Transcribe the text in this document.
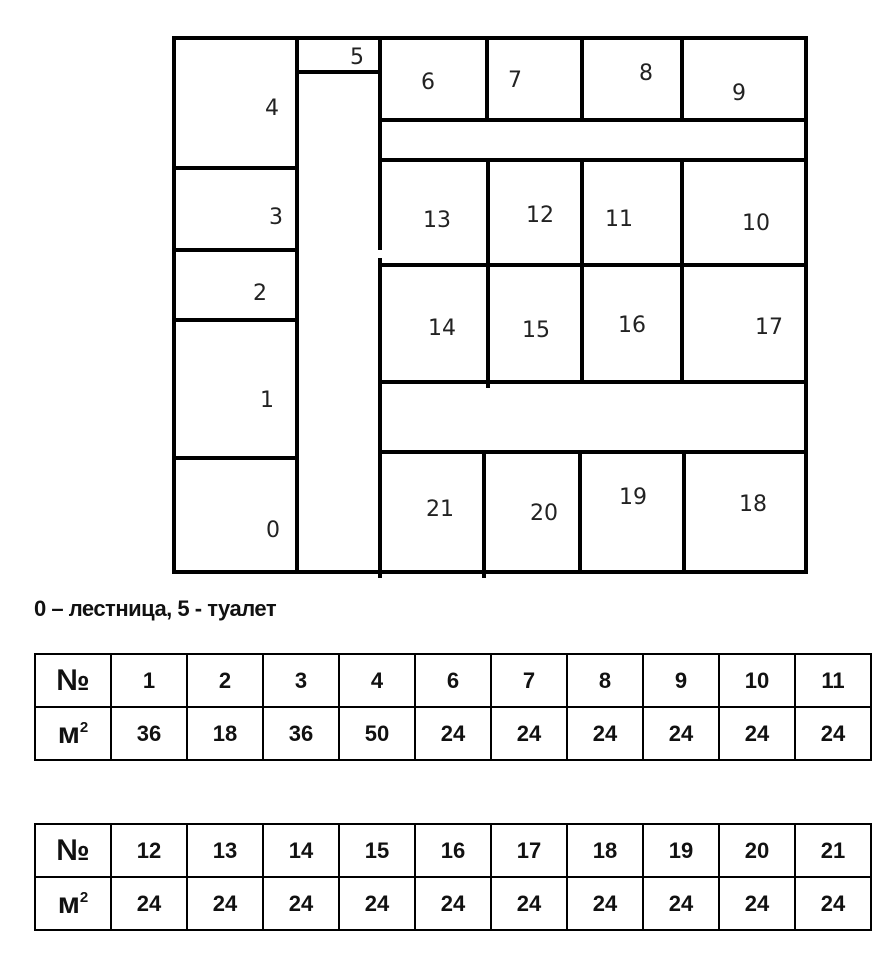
0
1
2
3
4
5
6	7	8
9
10
11
12
13
14	15	16	17
18
19
20
21
0 – лестница, 5 - туалет
№	1	2	3	4	6	7	8	9	10	11
$м^2$	36	18	36	50	24	24	24	24	24	24
№	12	13	14	15	16	17	18	19	20	21
$м^2$	24	24	24	24	24	24	24	24	24	24
